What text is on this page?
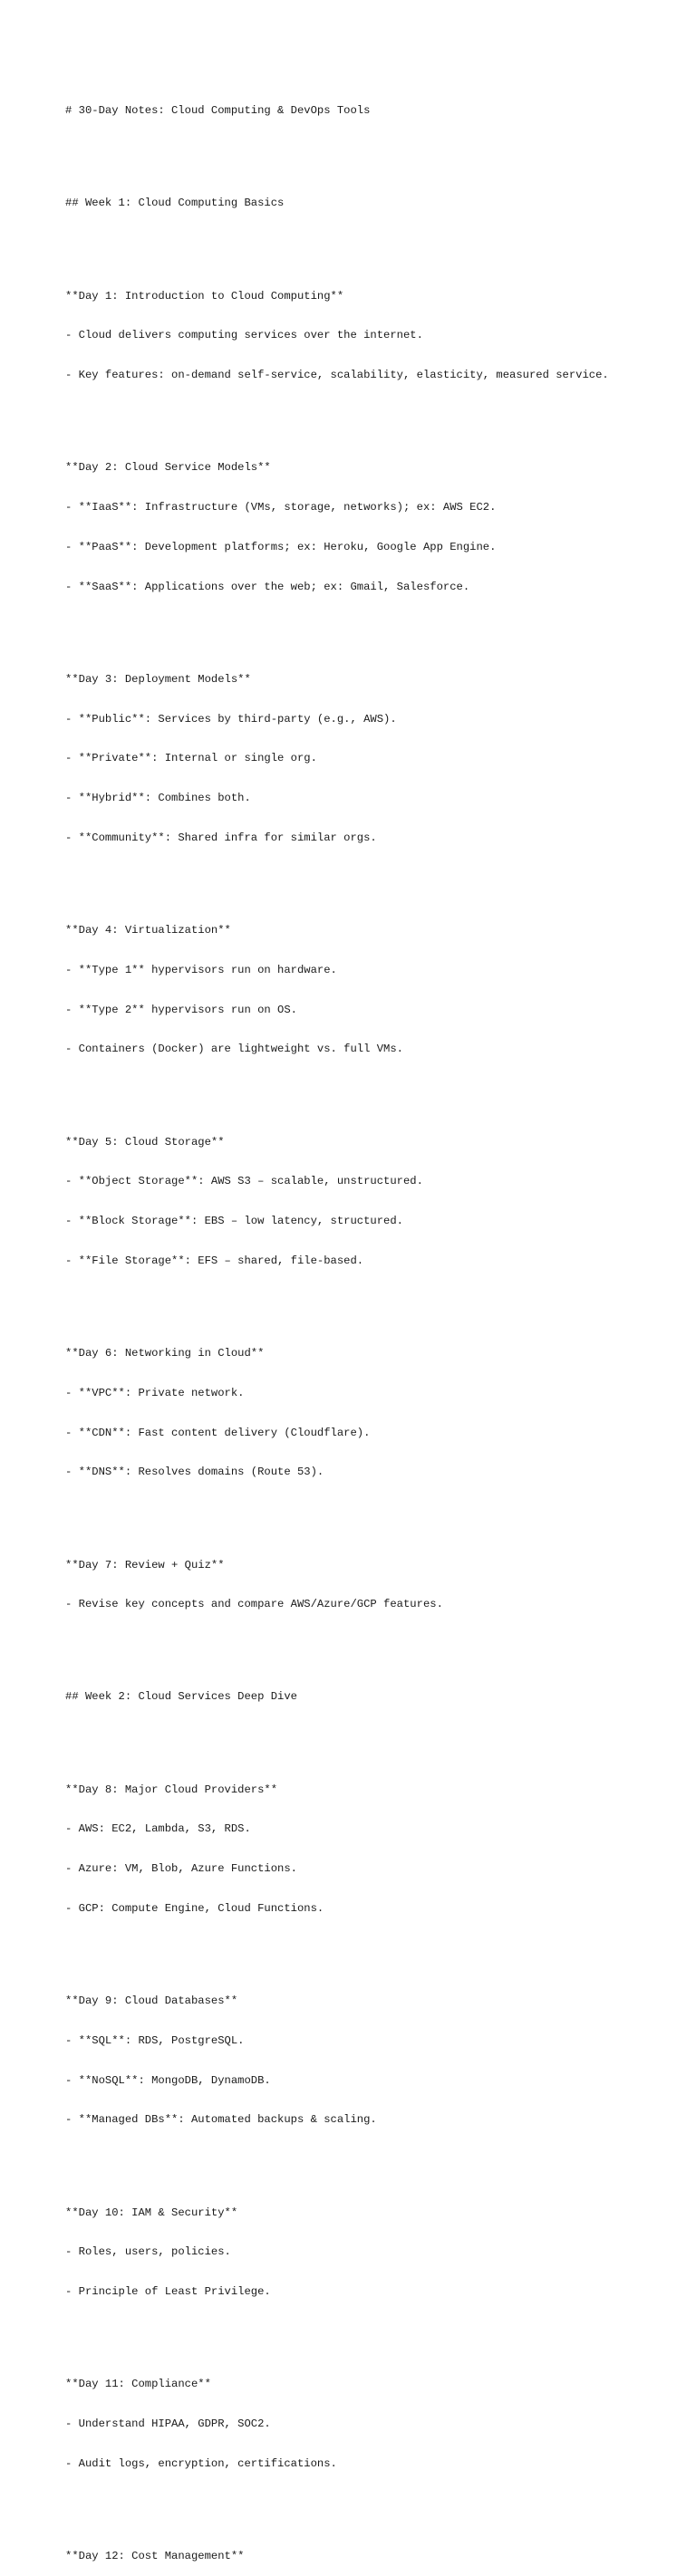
# 30-Day Notes: Cloud Computing & DevOps Tools

## Week 1: Cloud Computing Basics

**Day 1: Introduction to Cloud Computing**

- Cloud delivers computing services over the internet.

- Key features: on-demand self-service, scalability, elasticity, measured service.

**Day 2: Cloud Service Models**

- **IaaS**: Infrastructure (VMs, storage, networks); ex: AWS EC2.

- **PaaS**: Development platforms; ex: Heroku, Google App Engine.

- **SaaS**: Applications over the web; ex: Gmail, Salesforce.

**Day 3: Deployment Models**

- **Public**: Services by third-party (e.g., AWS).

- **Private**: Internal or single org.

- **Hybrid**: Combines both.

- **Community**: Shared infra for similar orgs.

**Day 4: Virtualization**

- **Type 1** hypervisors run on hardware.

- **Type 2** hypervisors run on OS.

- Containers (Docker) are lightweight vs. full VMs.

**Day 5: Cloud Storage**

- **Object Storage**: AWS S3 – scalable, unstructured.

- **Block Storage**: EBS – low latency, structured.

- **File Storage**: EFS – shared, file-based.

**Day 6: Networking in Cloud**

- **VPC**: Private network.

- **CDN**: Fast content delivery (Cloudflare).

- **DNS**: Resolves domains (Route 53).

**Day 7: Review + Quiz**

- Revise key concepts and compare AWS/Azure/GCP features.

## Week 2: Cloud Services Deep Dive

**Day 8: Major Cloud Providers**

- AWS: EC2, Lambda, S3, RDS.

- Azure: VM, Blob, Azure Functions.

- GCP: Compute Engine, Cloud Functions.

**Day 9: Cloud Databases**

- **SQL**: RDS, PostgreSQL.

- **NoSQL**: MongoDB, DynamoDB.

- **Managed DBs**: Automated backups & scaling.

**Day 10: IAM & Security**

- Roles, users, policies.

- Principle of Least Privilege.

**Day 11: Compliance**

- Understand HIPAA, GDPR, SOC2.

- Audit logs, encryption, certifications.

**Day 12: Cost Management**
